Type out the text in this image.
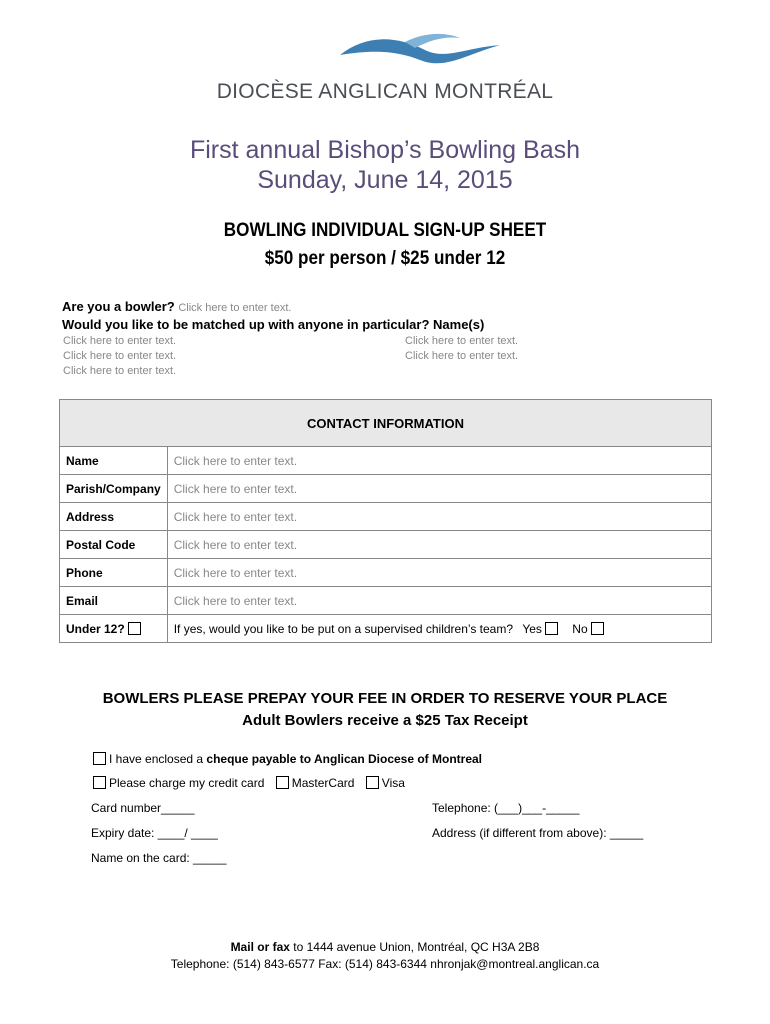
DIOCÈSE ANGLICAN MONTRÉAL
First annual Bishop’s Bowling Bash
Sunday, June 14, 2015
BOWLING INDIVIDUAL SIGN-UP SHEET
$50 per person / $25 under 12
Are you a bowler? Click here to enter text.
Would you like to be matched up with anyone in particular? Name(s)
Click here to enter text.
Click here to enter text.
Click here to enter text.
Click here to enter text.
Click here to enter text.
CONTACT INFORMATION	
Name	Click here to enter text.
Parish/Company	Click here to enter text.
Address	Click here to enter text.
Postal Code	Click here to enter text.
Phone	Click here to enter text.
Email	Click here to enter text.
Under 12?	If yes, would you like to be put on a supervised children’s team? Yes No
BOWLERS PLEASE PREPAY YOUR FEE IN ORDER TO RESERVE YOUR PLACE
Adult Bowlers receive a $25 Tax Receipt
I have enclosed a cheque payable to Anglican Diocese of Montreal
Please charge my credit card MasterCard Visa
Card number_____	Telephone: (___)___-_____
Expiry date: ____/ ____	Address (if different from above): _____
Name on the card: _____
Mail or fax to 1444 avenue Union, Montréal, QC H3A 2B8
Telephone: (514) 843-6577 Fax: (514) 843-6344 nhronjak@montreal.anglican.ca
